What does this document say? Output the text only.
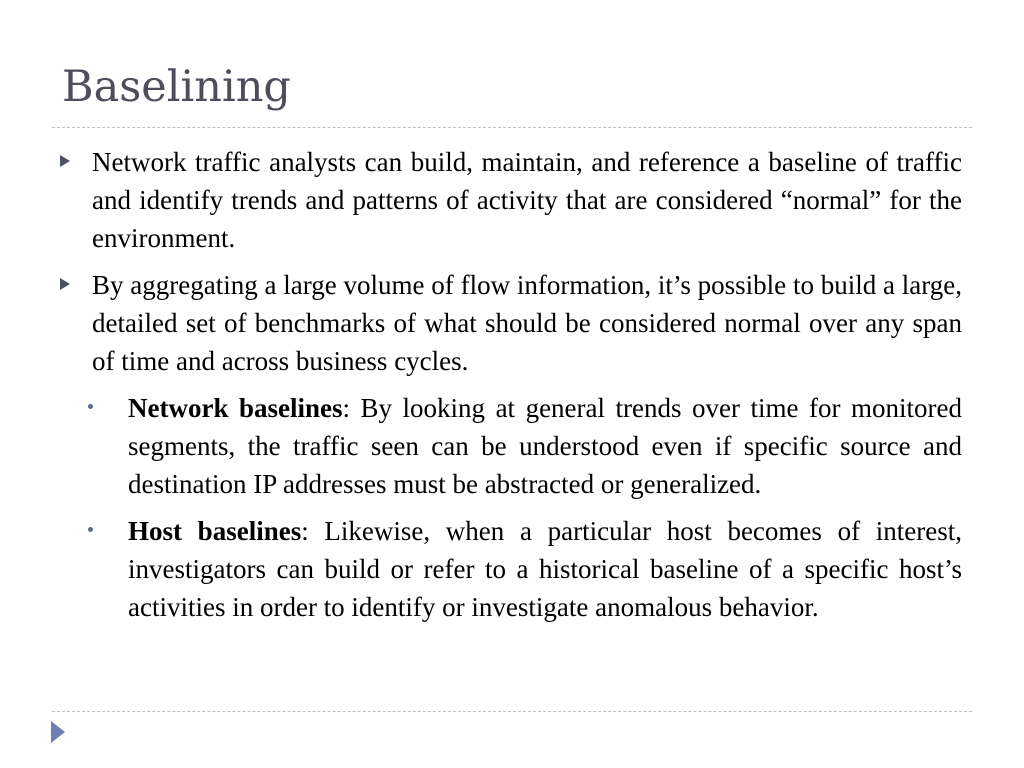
Baselining
Network traffic analysts can build, maintain, and reference a baseline of traffic and identify trends and patterns of activity that are considered “normal” for the environment.
By aggregating a large volume of flow information, it’s possible to build a large, detailed set of benchmarks of what should be considered normal over any span of time and across business cycles.
Network baselines: By looking at general trends over time for monitored segments, the traffic seen can be understood even if specific source and destination IP addresses must be abstracted or generalized.
Host baselines: Likewise, when a particular host becomes of interest, investigators can build or refer to a historical baseline of a specific host’s activities in order to identify or investigate anomalous behavior.
